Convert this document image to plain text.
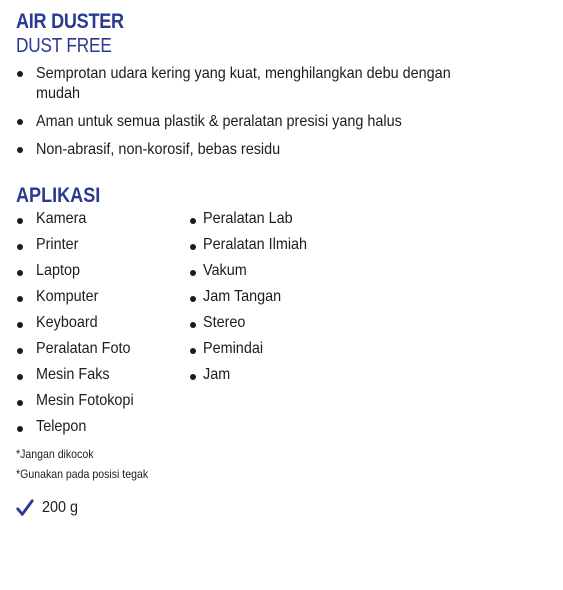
AIR DUSTER
DUST FREE
Semprotan udara kering yang kuat, menghilangkan debu dengan mudah
Aman untuk semua plastik & peralatan presisi yang halus
Non-abrasif, non-korosif, bebas residu
APLIKASI
Kamera
Printer
Laptop
Komputer
Keyboard
Peralatan Foto
Mesin Faks
Mesin Fotokopi
Telepon
Peralatan Lab
Peralatan Ilmiah
Vakum
Jam Tangan
Stereo
Pemindai
Jam
*Jangan dikocok
*Gunakan pada posisi tegak
200 g
